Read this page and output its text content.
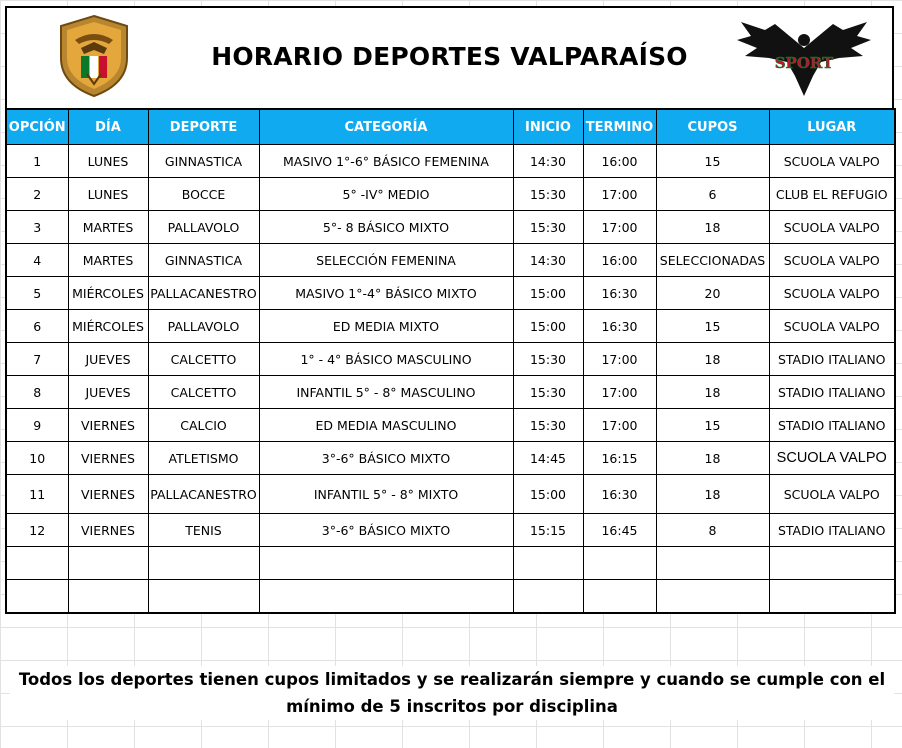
HORARIO DEPORTES VALPARAÍSO	SPORT
OPCIÓN	DÍA	DEPORTE	CATEGORÍA	INICIO	TERMINO	CUPOS	LUGAR
1	LUNES	GINNASTICA	MASIVO 1°-6° BÁSICO FEMENINA	14:30	16:00	15	SCUOLA VALPO
2	LUNES	BOCCE	5° -IV° MEDIO	15:30	17:00	6	CLUB EL REFUGIO
3	MARTES	PALLAVOLO	5°- 8 BÁSICO MIXTO	15:30	17:00	18	SCUOLA VALPO
4	MARTES	GINNASTICA	SELECCIÓN FEMENINA	14:30	16:00	SELECCIONADAS	SCUOLA VALPO
5	MIÉRCOLES	PALLACANESTRO	MASIVO 1°-4° BÁSICO MIXTO	15:00	16:30	20	SCUOLA VALPO
6	MIÉRCOLES	PALLAVOLO	ED MEDIA MIXTO	15:00	16:30	15	SCUOLA VALPO
7	JUEVES	CALCETTO	1° - 4° BÁSICO MASCULINO	15:30	17:00	18	STADIO ITALIANO
8	JUEVES	CALCETTO	INFANTIL 5° - 8° MASCULINO	15:30	17:00	18	STADIO ITALIANO
9	VIERNES	CALCIO	ED MEDIA MASCULINO	15:30	17:00	15	STADIO ITALIANO
10	VIERNES	ATLETISMO	3°-6° BÁSICO MIXTO	14:45	16:15	18	SCUOLA VALPO
11	VIERNES	PALLACANESTRO	INFANTIL 5° - 8° MIXTO	15:00	16:30	18	SCUOLA VALPO
12	VIERNES	TENIS	3°-6° BÁSICO MIXTO	15:15	16:45	8	STADIO ITALIANO

Todos los deportes tienen cupos limitados y se realizarán siempre y cuando se cumple con el mínimo de 5 inscritos por disciplina
